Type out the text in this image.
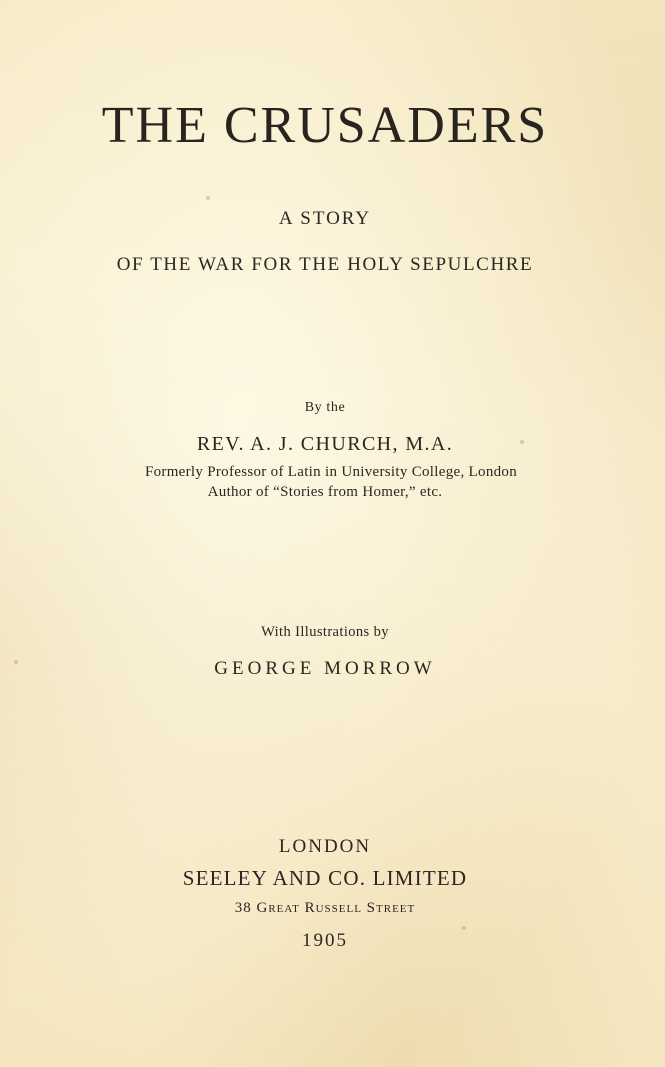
THE CRUSADERS
A STORY
OF THE WAR FOR THE HOLY SEPULCHRE
By the
REV. A. J. CHURCH, M.A.
Formerly Professor of Latin in University College, London
Author of “Stories from Homer,” etc.
With Illustrations by
GEORGE MORROW
LONDON
SEELEY AND CO. LIMITED
38 Great Russell Street
1905
